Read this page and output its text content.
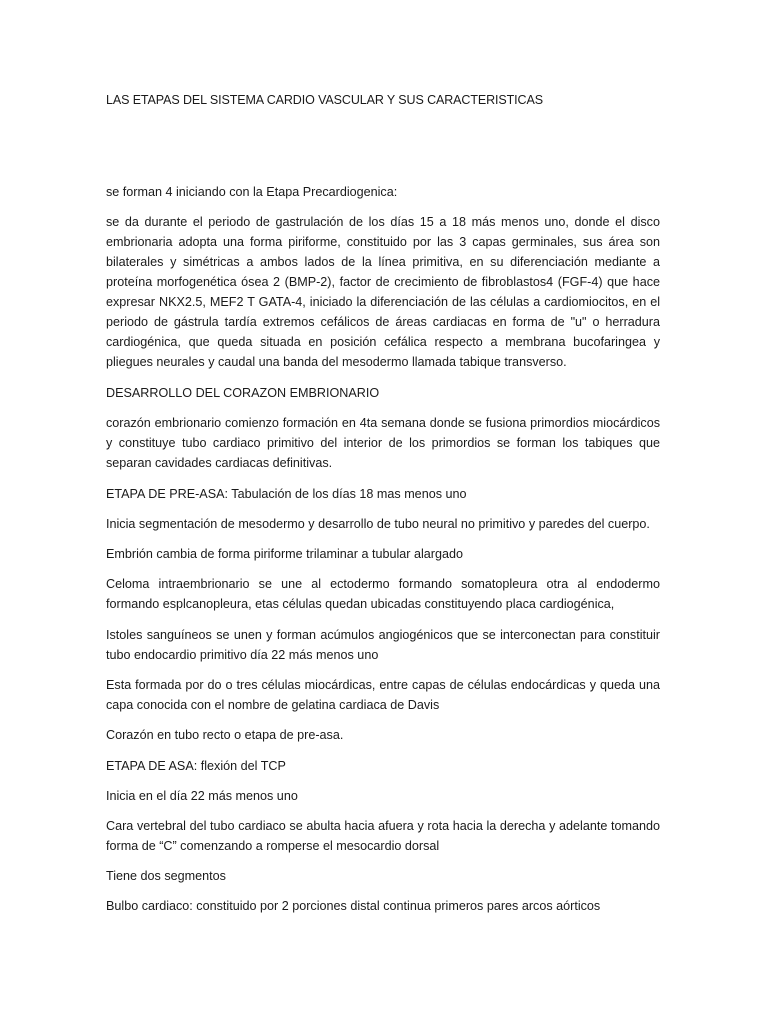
LAS ETAPAS DEL SISTEMA CARDIO VASCULAR Y SUS CARACTERISTICAS

se forman 4 iniciando con la Etapa Precardiogenica:

se da durante el periodo de gastrulación de los días 15 a 18 más menos uno, donde el disco embrionaria adopta una forma piriforme, constituido por las 3 capas germinales, sus área son bilaterales y simétricas a ambos lados de la línea primitiva, en su diferenciación mediante a proteína morfogenética ósea 2 (BMP-2), factor de crecimiento de fibroblastos4 (FGF-4) que hace expresar NKX2.5, MEF2 T GATA-4, iniciado la diferenciación de las células a cardiomiocitos, en el periodo de gástrula tardía extremos cefálicos de áreas cardiacas en forma de "u" o herradura cardiogénica, que queda situada en posición cefálica respecto a membrana bucofaringea y pliegues neurales y caudal una banda del mesodermo llamada tabique transverso.

DESARROLLO DEL CORAZON EMBRIONARIO

corazón embrionario comienzo formación en 4ta semana donde se fusiona primordios miocárdicos y constituye tubo cardiaco primitivo del interior de los primordios se forman los tabiques que separan cavidades cardiacas definitivas.

ETAPA DE PRE-ASA: Tabulación de los días 18 mas menos uno

Inicia segmentación de mesodermo y desarrollo de tubo neural no primitivo y paredes del cuerpo.

Embrión cambia de forma piriforme trilaminar a tubular alargado

Celoma intraembrionario se une al ectodermo formando somatopleura otra al endodermo formando esplcanopleura, etas células quedan ubicadas constituyendo placa cardiogénica,

Istoles sanguíneos se unen y forman acúmulos angiogénicos que se interconectan para constituir tubo endocardio primitivo día 22 más menos uno

Esta formada por do o tres células miocárdicas, entre capas de células endocárdicas y queda una capa conocida con el nombre de gelatina cardiaca de Davis

Corazón en tubo recto o etapa de pre-asa.

ETAPA DE ASA: flexión del TCP

Inicia en el día 22 más menos uno

Cara vertebral del tubo cardiaco se abulta hacia afuera y rota hacia la derecha y adelante tomando forma de “C” comenzando a romperse el mesocardio dorsal

Tiene dos segmentos

Bulbo cardiaco: constituido por 2 porciones distal continua primeros pares arcos aórticos
